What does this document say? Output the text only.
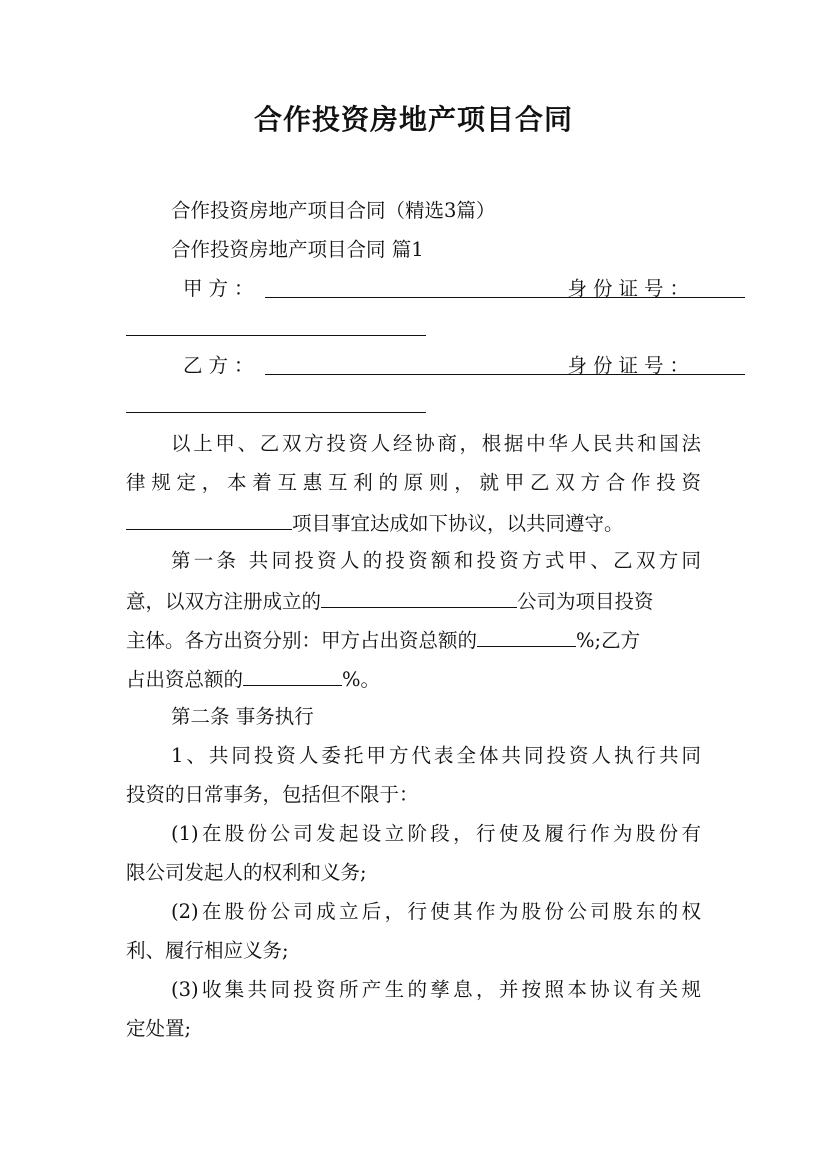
合作投资房地产项目合同
合作投资房地产项目合同（精选3篇）
合作投资房地产项目合同 篇1
甲方：	身份证号：
乙方：	身份证号：
以上甲、乙双方投资人经协商，根据中华人民共和国法
律规定，本着互惠互利的原则，就甲乙双方合作投资
项目事宜达成如下协议，以共同遵守。
第一条 共同投资人的投资额和投资方式甲、乙双方同
意，以双方注册成立的	公司为项目投资
主体。各方出资分别：甲方占出资总额的	%;乙方
占出资总额的	%。
第二条 事务执行
1、共同投资人委托甲方代表全体共同投资人执行共同
投资的日常事务，包括但不限于：
(1)在股份公司发起设立阶段，行使及履行作为股份有
限公司发起人的权利和义务;
(2)在股份公司成立后，行使其作为股份公司股东的权
利、履行相应义务;
(3)收集共同投资所产生的孳息，并按照本协议有关规
定处置;
